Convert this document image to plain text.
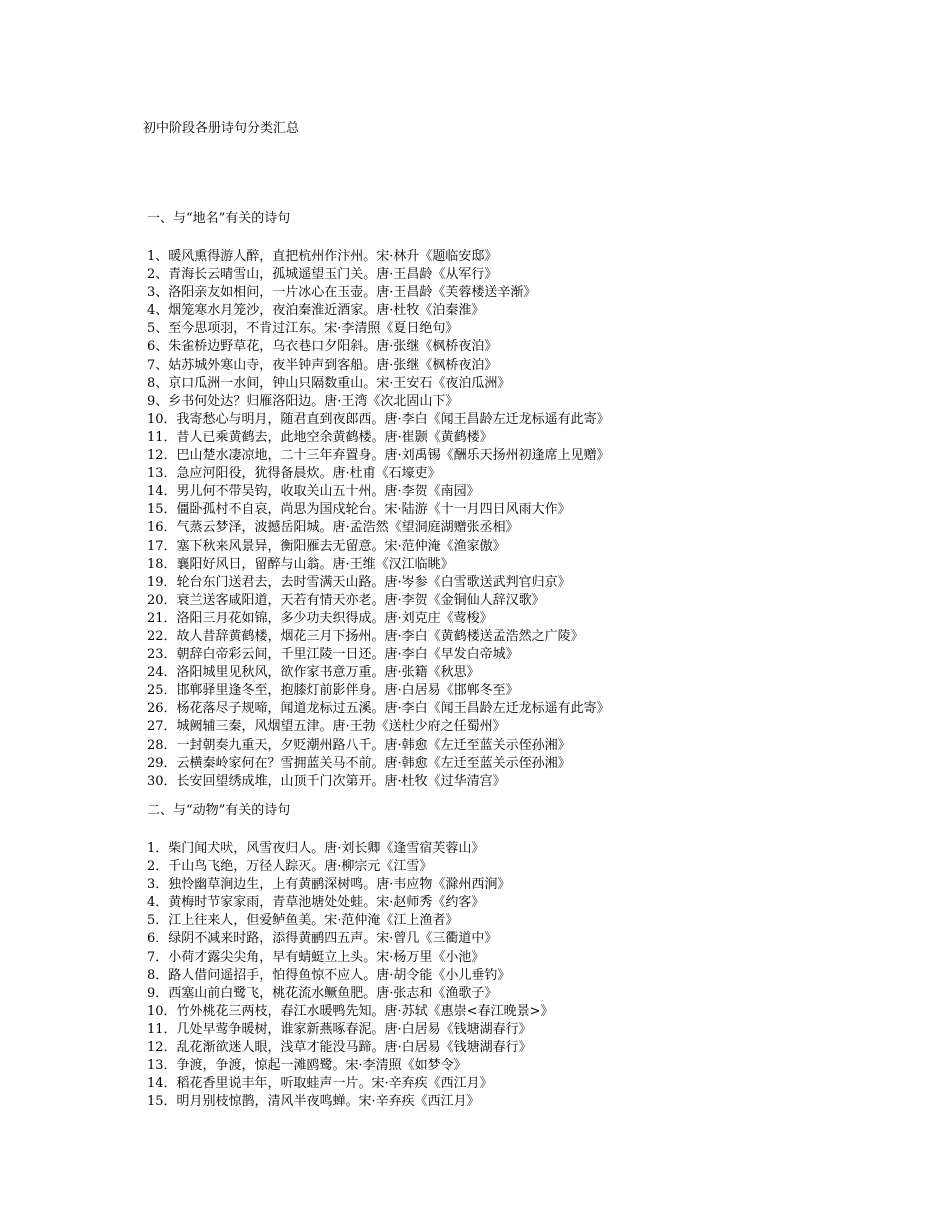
初中阶段各册诗句分类汇总
一、与“地名”有关的诗句
1、暖风熏得游人醉，直把杭州作汴州。宋·林升《题临安邸》
2、青海长云晴雪山，孤城遥望玉门关。唐·王昌龄《从军行》
3、洛阳亲友如相问，一片冰心在玉壶。唐·王昌龄《芙蓉楼送辛渐》
4、烟笼寒水月笼沙，夜泊秦淮近酒家。唐·杜牧《泊秦淮》
5、至今思项羽，不肯过江东。宋·李清照《夏日绝句》
6、朱雀桥边野草花，乌衣巷口夕阳斜。唐·张继《枫桥夜泊》
7、姑苏城外寒山寺，夜半钟声到客船。唐·张继《枫桥夜泊》
8、京口瓜洲一水间，钟山只隔数重山。宋·王安石《夜泊瓜洲》
9、乡书何处达？归雁洛阳边。唐·王湾《次北固山下》
10．我寄愁心与明月，随君直到夜郎西。唐·李白《闻王昌龄左迁龙标遥有此寄》
11．昔人已乘黄鹤去，此地空余黄鹤楼。唐·崔颢《黄鹤楼》
12．巴山楚水凄凉地，二十三年弃置身。唐·刘禹锡《酬乐天扬州初逢席上见赠》
13．急应河阳役，犹得备晨炊。唐·杜甫《石壕吏》
14．男儿何不带吴钩，收取关山五十州。唐·李贺《南园》
15．僵卧孤村不自哀，尚思为国戍轮台。宋·陆游《十一月四日风雨大作》
16．气蒸云梦泽，波撼岳阳城。唐·孟浩然《望洞庭湖赠张丞相》
17．塞下秋来风景异，衡阳雁去无留意。宋·范仲淹《渔家傲》
18．襄阳好风日，留醉与山翁。唐·王维《汉江临眺》
19．轮台东门送君去，去时雪满天山路。唐·岑参《白雪歌送武判官归京》
20．衰兰送客咸阳道，天若有情天亦老。唐·李贺《金铜仙人辞汉歌》
21．洛阳三月花如锦，多少功夫织得成。唐·刘克庄《莺梭》
22．故人昔辞黄鹤楼，烟花三月下扬州。唐·李白《黄鹤楼送孟浩然之广陵》
23．朝辞白帝彩云间，千里江陵一日还。唐·李白《早发白帝城》
24．洛阳城里见秋风，欲作家书意万重。唐·张籍《秋思》
25．邯郸驿里逢冬至，抱膝灯前影伴身。唐·白居易《邯郸冬至》
26．杨花落尽子规啼，闻道龙标过五溪。唐·李白《闻王昌龄左迁龙标遥有此寄》
27．城阙辅三秦，风烟望五津。唐·王勃《送杜少府之任蜀州》
28．一封朝奏九重天，夕贬潮州路八千。唐·韩愈《左迁至蓝关示侄孙湘》
29．云横秦岭家何在？雪拥蓝关马不前。唐·韩愈《左迁至蓝关示侄孙湘》
30．长安回望绣成堆，山顶千门次第开。唐·杜牧《过华清宫》
二、与“动物”有关的诗句
1．柴门闻犬吠，风雪夜归人。唐·刘长卿《逢雪宿芙蓉山》
2．千山鸟飞绝，万径人踪灭。唐·柳宗元《江雪》
3．独怜幽草涧边生，上有黄鹂深树鸣。唐·韦应物《滁州西涧》
4．黄梅时节家家雨，青草池塘处处蛙。宋·赵师秀《约客》
5．江上往来人，但爱鲈鱼美。宋·范仲淹《江上渔者》
6．绿阴不减来时路，添得黄鹂四五声。宋·曾几《三衢道中》
7．小荷才露尖尖角，早有蜻蜓立上头。宋·杨万里《小池》
8．路人借问遥招手，怕得鱼惊不应人。唐·胡令能《小儿垂钓》
9．西塞山前白鹭飞，桃花流水鳜鱼肥。唐·张志和《渔歌子》
10．竹外桃花三两枝，春江水暖鸭先知。唐·苏轼《惠崇<春江晚景>》
11．几处早莺争暖树，谁家新燕啄春泥。唐·白居易《钱塘湖春行》
12．乱花渐欲迷人眼，浅草才能没马蹄。唐·白居易《钱塘湖春行》
13．争渡，争渡，惊起一滩鸥鹭。宋·李清照《如梦令》
14．稻花香里说丰年，听取蛙声一片。宋·辛弃疾《西江月》
15．明月别枝惊鹊，清风半夜鸣蝉。宋·辛弃疾《西江月》
